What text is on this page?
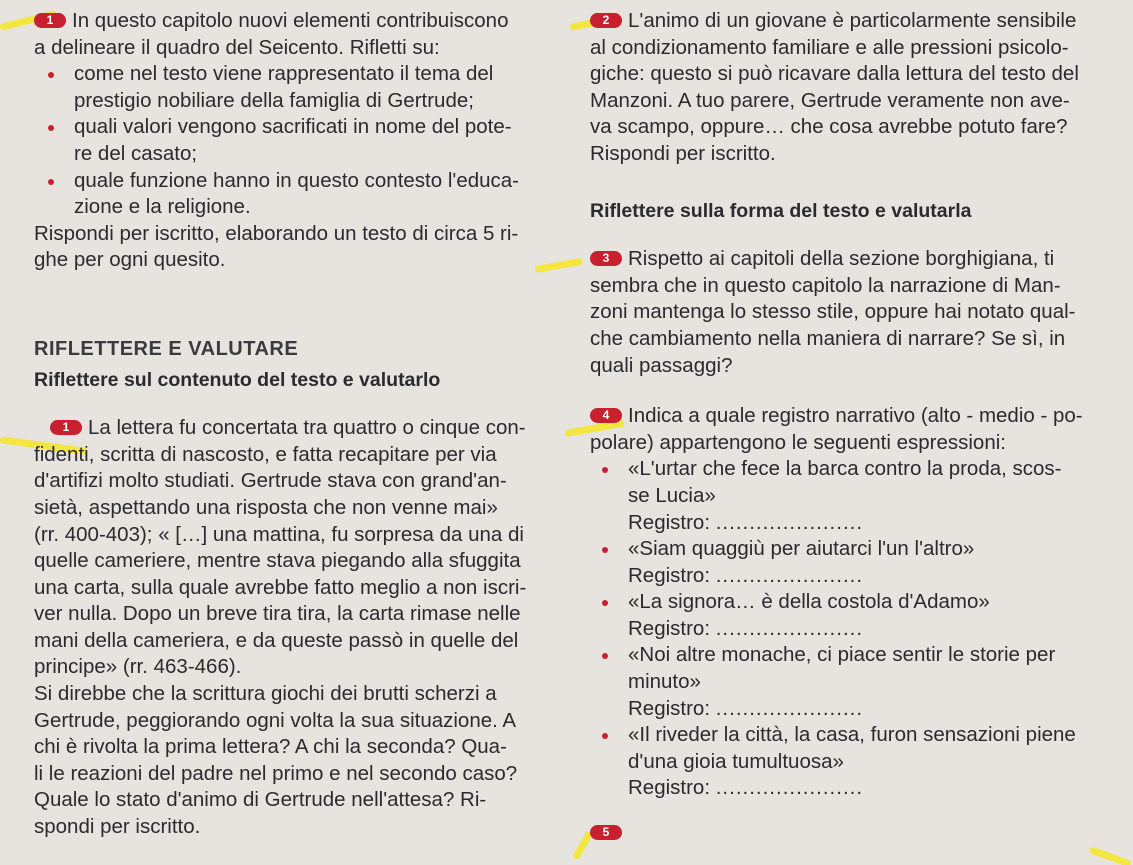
1 In questo capitolo nuovi elementi contribuiscono

a delineare il quadro del Seicento. Rifletti su:

come nel testo viene rappresentato il tema del
prestigio nobiliare della famiglia di Gertrude;
quali valori vengono sacrificati in nome del pote-
re del casato;
quale funzione hanno in questo contesto l'educa-
zione e la religione.

Rispondi per iscritto, elaborando un testo di circa 5 ri-

ghe per ogni quesito.

RIFLETTERE E VALUTARE

Riflettere sul contenuto del testo e valutarlo

1 La lettera fu concertata tra quattro o cinque con-

fidenti, scritta di nascosto, e fatta recapitare per via

d'artifizi molto studiati. Gertrude stava con grand'an-

sietà, aspettando una risposta che non venne mai»

(rr. 400-403); « […] una mattina, fu sorpresa da una di

quelle cameriere, mentre stava piegando alla sfuggita

una carta, sulla quale avrebbe fatto meglio a non iscri-

ver nulla. Dopo un breve tira tira, la carta rimase nelle

mani della cameriera, e da queste passò in quelle del

principe» (rr. 463-466).

Si direbbe che la scrittura giochi dei brutti scherzi a

Gertrude, peggiorando ogni volta la sua situazione. A

chi è rivolta la prima lettera? A chi la seconda? Qua-

li le reazioni del padre nel primo e nel secondo caso?

Quale lo stato d'animo di Gertrude nell'attesa? Ri-

spondi per iscritto.

2 L'animo di un giovane è particolarmente sensibile

al condizionamento familiare e alle pressioni psicolo-

giche: questo si può ricavare dalla lettura del testo del

Manzoni. A tuo parere, Gertrude veramente non ave-

va scampo, oppure… che cosa avrebbe potuto fare?

Rispondi per iscritto.

Riflettere sulla forma del testo e valutarla

3 Rispetto ai capitoli della sezione borghigiana, ti

sembra che in questo capitolo la narrazione di Man-

zoni mantenga lo stesso stile, oppure hai notato qual-

che cambiamento nella maniera di narrare? Se sì, in

quali passaggi?

4 Indica a quale registro narrativo (alto - medio - po-

polare) appartengono le seguenti espressioni:

«L'urtar che fece la barca contro la proda, scos-
se Lucia»
Registro: ......................
«Siam quaggiù per aiutarci l'un l'altro»
Registro: ......................
«La signora… è della costola d'Adamo»
Registro: ......................
«Noi altre monache, ci piace sentir le storie per
minuto»
Registro: ......................
«Il riveder la città, la casa, furon sensazioni piene
d'una gioia tumultuosa»
Registro: ......................

5
